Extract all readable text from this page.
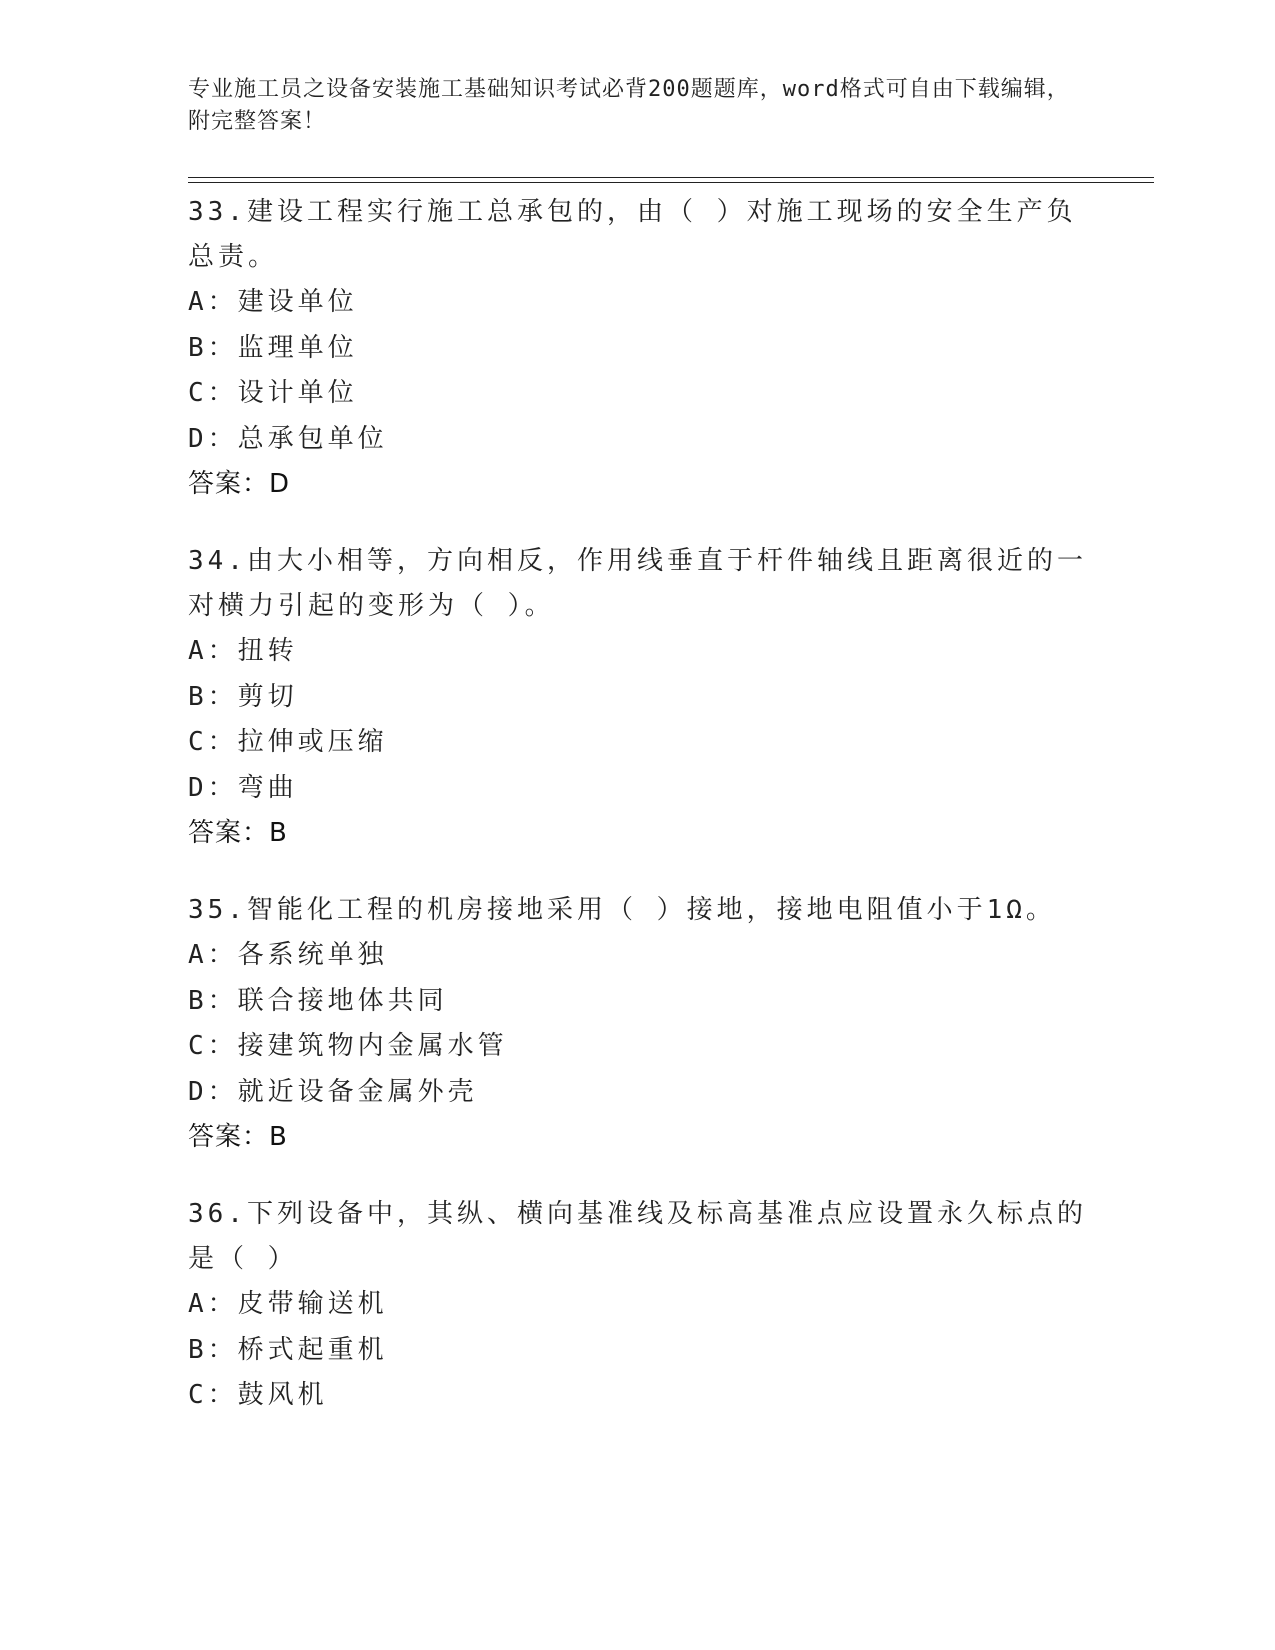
专业施工员之设备安装施工基础知识考试必背200题题库，word格式可自由下载编辑，附完整答案！

33.建设工程实行施工总承包的，由（ ）对施工现场的安全生产负总责。

A：建设单位

B：监理单位

C：设计单位

D：总承包单位

答案：D

34.由大小相等，方向相反，作用线垂直于杆件轴线且距离很近的一对横力引起的变形为（ ）。

A：扭转

B：剪切

C：拉伸或压缩

D：弯曲

答案：B

35.智能化工程的机房接地采用（ ）接地，接地电阻值小于1Ω。

A：各系统单独

B：联合接地体共同

C：接建筑物内金属水管

D：就近设备金属外壳

答案：B

36.下列设备中，其纵、横向基准线及标高基准点应设置永久标点的是（ ）

A：皮带输送机

B：桥式起重机

C：鼓风机
